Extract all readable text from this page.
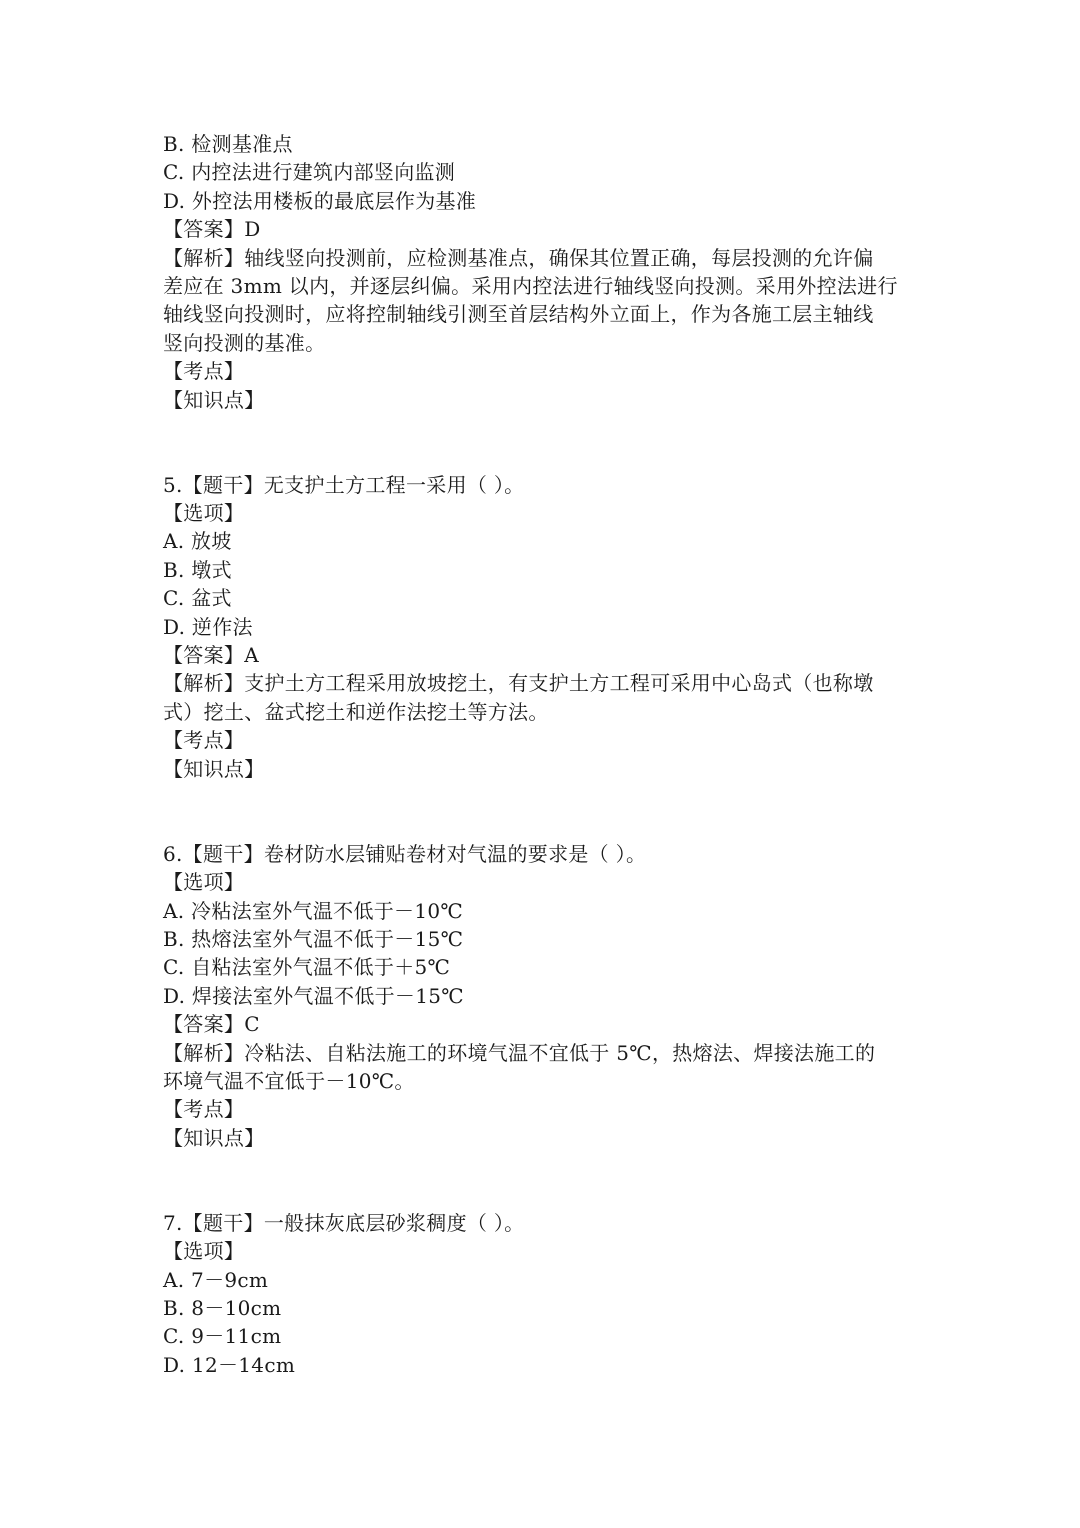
B. 检测基准点
C. 内控法进行建筑内部竖向监测
D. 外控法用楼板的最底层作为基准
【答案】D
【解析】轴线竖向投测前，应检测基准点，确保其位置正确，每层投测的允许偏
差应在 3mm 以内，并逐层纠偏。采用内控法进行轴线竖向投测。采用外控法进行
轴线竖向投测时，应将控制轴线引测至首层结构外立面上，作为各施工层主轴线
竖向投测的基准。
【考点】
【知识点】
5.【题干】无支护土方工程一采用（ ）。
【选项】
A. 放坡
B. 墩式
C. 盆式
D. 逆作法
【答案】A
【解析】支护土方工程采用放坡挖土，有支护土方工程可采用中心岛式（也称墩
式）挖土、盆式挖土和逆作法挖土等方法。
【考点】
【知识点】
6.【题干】卷材防水层铺贴卷材对气温的要求是（ ）。
【选项】
A. 冷粘法室外气温不低于－10℃
B. 热熔法室外气温不低于－15℃
C. 自粘法室外气温不低于＋5℃
D. 焊接法室外气温不低于－15℃
【答案】C
【解析】冷粘法、自粘法施工的环境气温不宜低于 5℃，热熔法、焊接法施工的
环境气温不宜低于－10℃。
【考点】
【知识点】
7.【题干】一般抹灰底层砂浆稠度（ ）。
【选项】
A. 7－9cm
B. 8－10cm
C. 9－11cm
D. 12－14cm
